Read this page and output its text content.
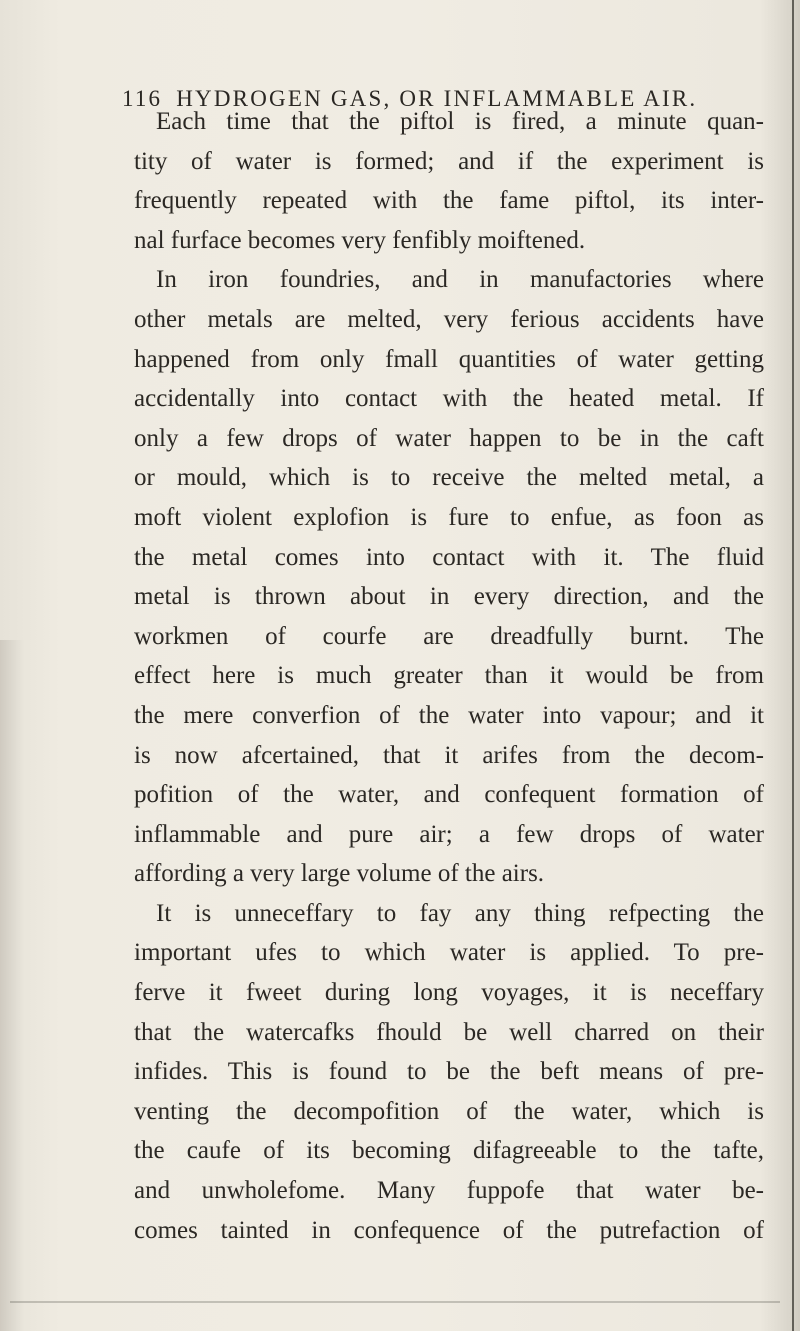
116 HYDROGEN GAS, OR INFLAMMABLE AIR.
Each time that the piftol is fired, a minute quan-
tity of water is formed; and if the experiment is
frequently repeated with the fame piftol, its inter-
nal furface becomes very fenfibly moiftened.
In iron foundries, and in manufactories where
other metals are melted, very ferious accidents have
happened from only fmall quantities of water getting
accidentally into contact with the heated metal. If
only a few drops of water happen to be in the caft
or mould, which is to receive the melted metal, a
moft violent explofion is fure to enfue, as foon as
the metal comes into contact with it. The fluid
metal is thrown about in every direction, and the
workmen of courfe are dreadfully burnt. The
effect here is much greater than it would be from
the mere converfion of the water into vapour; and it
is now afcertained, that it arifes from the decom-
pofition of the water, and confequent formation of
inflammable and pure air; a few drops of water
affording a very large volume of the airs.
It is unneceffary to fay any thing refpecting the
important ufes to which water is applied. To pre-
ferve it fweet during long voyages, it is neceffary
that the watercafks fhould be well charred on their
infides. This is found to be the beft means of pre-
venting the decompofition of the water, which is
the caufe of its becoming difagreeable to the tafte,
and unwholefome. Many fuppofe that water be-
comes tainted in confequence of the putrefaction of
